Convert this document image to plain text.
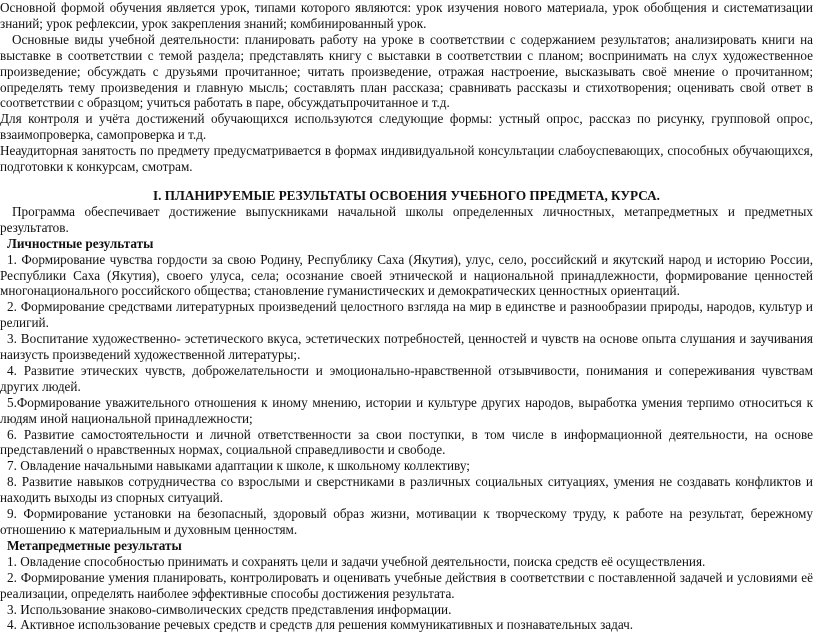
Основной формой обучения является урок, типами которого являются: урок изучения нового материала, урок обобщения и систематизации знаний; урок рефлексии, урок закрепления знаний; комбинированный урок.

Основные виды учебной деятельности: планировать работу на уроке в соответствии с содержанием результатов; анализировать книги на выставке в соответствии с темой раздела; представлять книгу с выставки в соответствии с планом; воспринимать на слух художественное произведение; обсуждать с друзьями прочитанное; читать произведение, отражая настроение, высказывать своё мнение о прочитанном; определять тему произведения и главную мысль; составлять план рассказа; сравнивать рассказы и стихотворения; оценивать свой ответ в соответствии с образцом; учиться работать в паре, обсуждатьпрочитанное и т.д.

Для контроля и учёта достижений обучающихся используются следующие формы: устный опрос, рассказ по рисунку, групповой опрос, взаимопроверка, самопроверка и т.д.

Неаудиторная занятость по предмету предусматривается в формах индивидуальной консультации слабоуспевающих, способных обучающихся, подготовки к конкурсам, смотрам.

I. ПЛАНИРУЕМЫЕ РЕЗУЛЬТАТЫ ОСВОЕНИЯ УЧЕБНОГО ПРЕДМЕТА, КУРСА.

Программа обеспечивает достижение выпускниками начальной школы определенных личностных, метапредметных и предметных результатов.

Личностные результаты

1. Формирование чувства гордости за свою Родину, Республику Саха (Якутия), улус, село, российский и якутский народ и историю России, Республики Саха (Якутия), своего улуса, села; осознание своей этнической и национальной принадлежности, формирование ценностей многонационального российского общества; становление гуманистических и демократических ценностных ориентаций.

2. Формирование средствами литературных произведений целостного взгляда на мир в единстве и разнообразии природы, народов, культур и религий.

3. Воспитание художественно- эстетического вкуса, эстетических потребностей, ценностей и чувств на основе опыта слушания и заучивания наизусть произведений художественной литературы;.

4. Развитие этических чувств, доброжелательности и эмоционально-нравственной отзывчивости, понимания и сопереживания чувствам других людей.

5.Формирование уважительного отношения к иному мнению, истории и культуре других народов, выработка умения терпимо относиться к людям иной национальной принадлежности;

6. Развитие самостоятельности и личной ответственности за свои поступки, в том числе в информационной деятельности, на основе представлений о нравственных нормах, социальной справедливости и свободе.

7. Овладение начальными навыками адаптации к школе, к школьному коллективу;

8. Развитие навыков сотрудничества со взрослыми и сверстниками в различных социальных ситуациях, умения не создавать конфликтов и находить выходы из спорных ситуаций.

9. Формирование установки на безопасный, здоровый образ жизни, мотивации к творческому труду, к работе на результат, бережному отношению к материальным и духовным ценностям.

Метапредметные результаты

1. Овладение способностью принимать и сохранять цели и задачи учебной деятельности, поиска средств её осуществления.

2. Формирование умения планировать, контролировать и оценивать учебные действия в соответствии с поставленной задачей и условиями её реализации, определять наиболее эффективные способы достижения результата.

3. Использование знаково-символических средств представления информации.

4. Активное использование речевых средств и средств для решения коммуникативных и познавательных задач.
